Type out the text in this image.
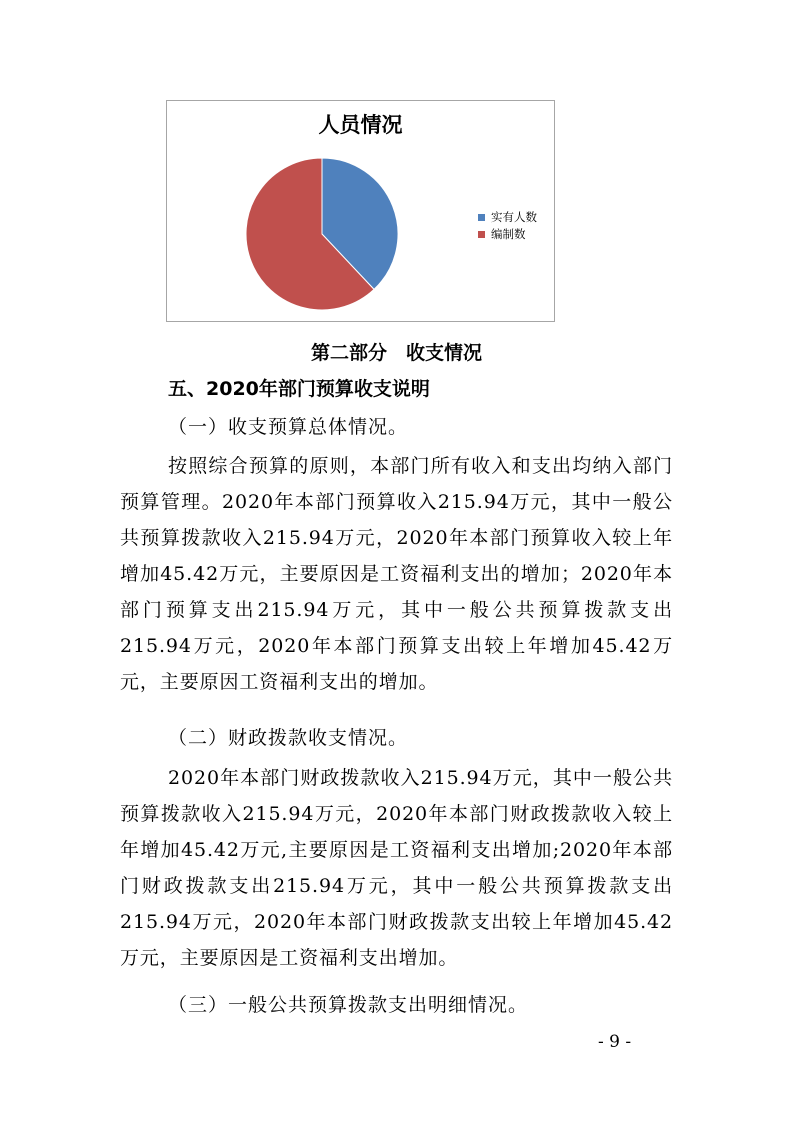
人员情况
实有人数
编制数
第二部分　收支情况
五、2020年部门预算收支说明
（一）收支预算总体情况。
按照综合预算的原则，本部门所有收入和支出均纳入部门预算管理。2020年本部门预算收入215.94万元，其中一般公共预算拨款收入215.94万元，2020年本部门预算收入较上年增加45.42万元，主要原因是工资福利支出的增加；2020年本部门预算支出215.94万元，其中一般公共预算拨款支出215.94万元，2020年本部门预算支出较上年增加45.42万元，主要原因工资福利支出的增加。
（二）财政拨款收支情况。
2020年本部门财政拨款收入215.94万元，其中一般公共预算拨款收入215.94万元，2020年本部门财政拨款收入较上年增加45.42万元,主要原因是工资福利支出增加;2020年本部门财政拨款支出215.94万元，其中一般公共预算拨款支出215.94万元，2020年本部门财政拨款支出较上年增加45.42万元，主要原因是工资福利支出增加。
（三）一般公共预算拨款支出明细情况。
- 9 -
